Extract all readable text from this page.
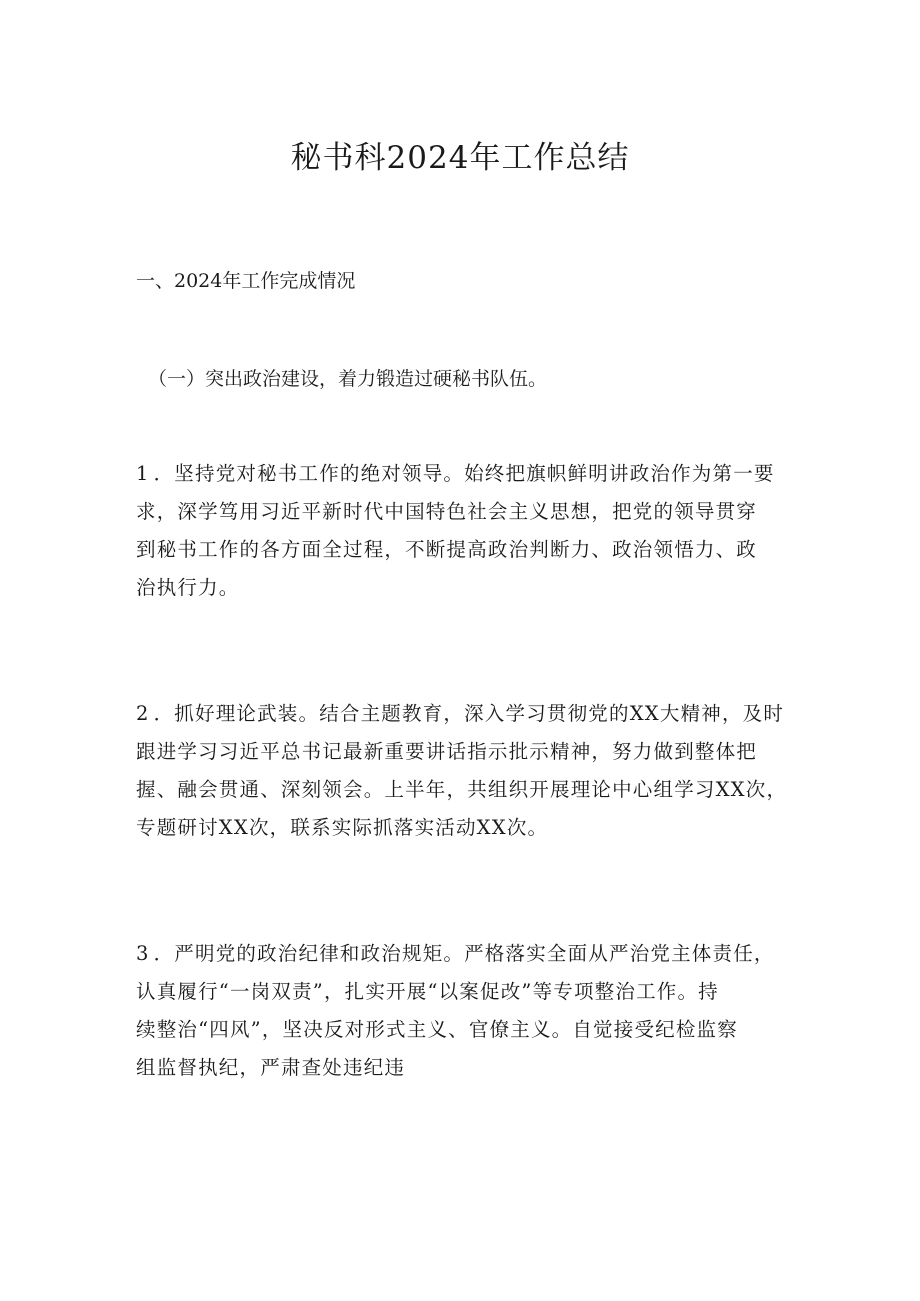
秘书科2024年工作总结
一、2024年工作完成情况
（一）突出政治建设，着力锻造过硬秘书队伍。

1 ．坚持党对秘书工作的绝对领导。始终把旗帜鲜明讲政治作为第一要
求，深学笃用习近平新时代中国特色社会主义思想，把党的领导贯穿
到秘书工作的各方面全过程，不断提高政治判断力、政治领悟力、政
治执行力。

2 ．抓好理论武装。结合主题教育，深入学习贯彻党的XX大精神，及时
跟进学习习近平总书记最新重要讲话指示批示精神，努力做到整体把
握、融会贯通、深刻领会。上半年，共组织开展理论中心组学习XX次，
专题研讨XX次，联系实际抓落实活动XX次。

3 ．严明党的政治纪律和政治规矩。严格落实全面从严治党主体责任，
认真履行“一岗双责”，扎实开展“以案促改”等专项整治工作。持
续整治“四风”，坚决反对形式主义、官僚主义。自觉接受纪检监察
组监督执纪，严肃查处违纪违
